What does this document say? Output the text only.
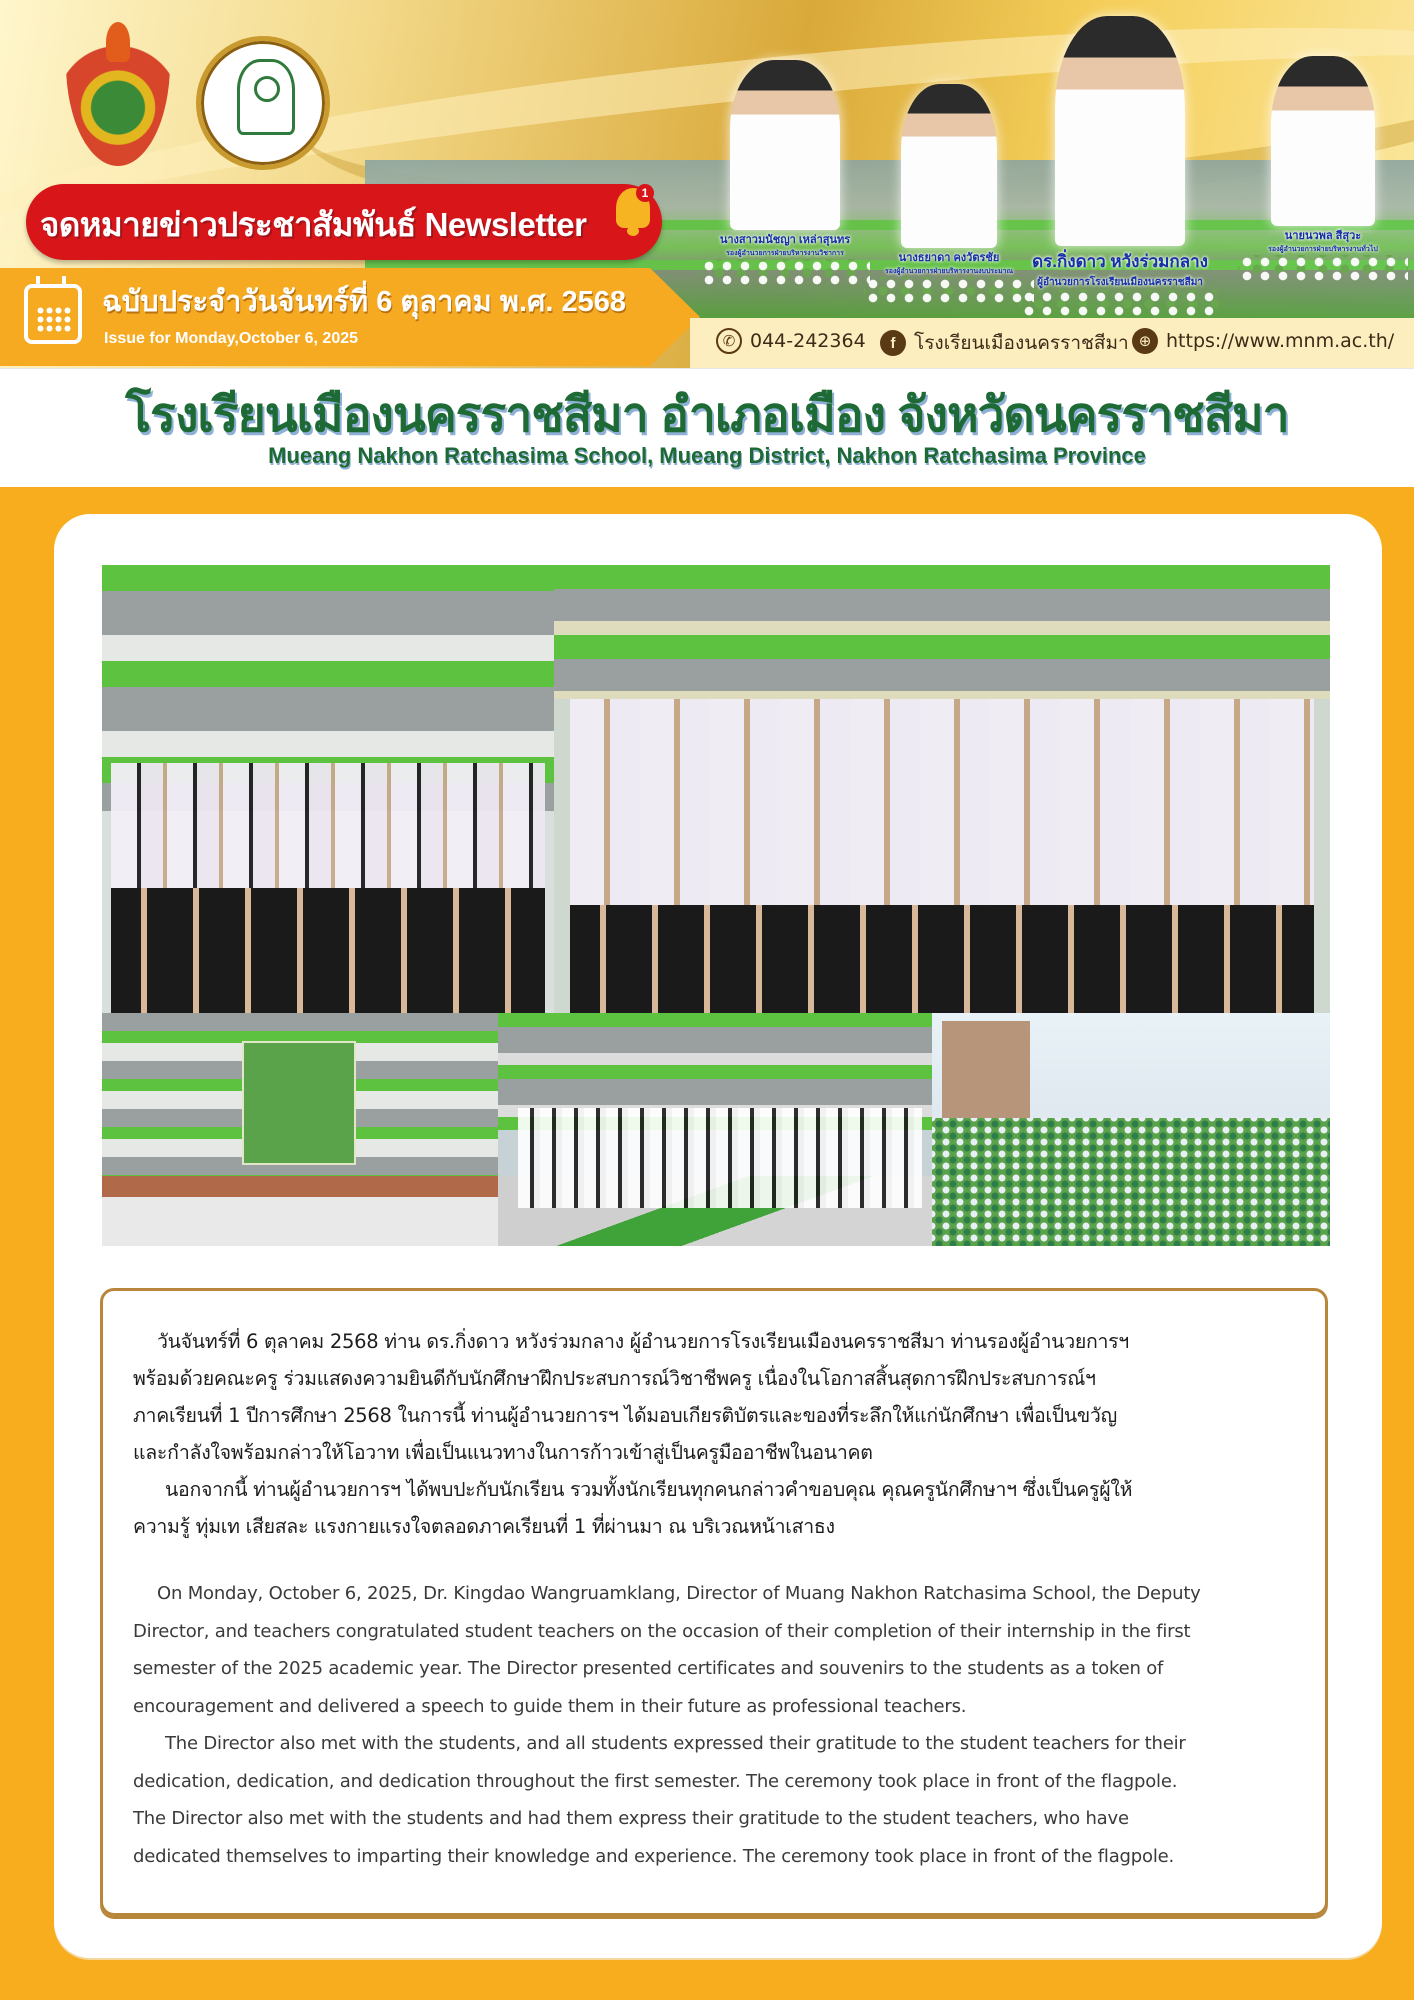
นางสาวมนัชญา เหล่าสุนทร
รองผู้อำนวยการฝ่ายบริหารงานวิชาการ	นางธยาดา คงวัตรชัย
รองผู้อำนวยการฝ่ายบริหารงานงบประมาณ
ดร.กิ่งดาว หวังร่วมกลาง
ผู้อำนวยการโรงเรียนเมืองนครราชสีมา
นายนวพล สีสุวะ
รองผู้อำนวยการฝ่ายบริหารงานทั่วไป
จดหมายข่าวประชาสัมพันธ์ Newsletter
1
ฉบับประจำวันจันทร์ที่ 6 ตุลาคม พ.ศ. 2568
Issue for Monday,October 6, 2025	✆ 044-242364	f โรงเรียนเมืองนครราชสีมา ⊕ https://www.mnm.ac.th/
โรงเรียนเมืองนครราชสีมา อำเภอเมือง จังหวัดนครราชสีมา
Mueang Nakhon Ratchasima School, Mueang District, Nakhon Ratchasima Province
วันจันทร์ที่ 6 ตุลาคม 2568 ท่าน ดร.กิ่งดาว หวังร่วมกลาง ผู้อำนวยการโรงเรียนเมืองนครราชสีมา ท่านรองผู้อำนวยการฯ
พร้อมด้วยคณะครู ร่วมแสดงความยินดีกับนักศึกษาฝึกประสบการณ์วิชาชีพครู เนื่องในโอกาสสิ้นสุดการฝึกประสบการณ์ฯ
ภาคเรียนที่ 1 ปีการศึกษา 2568 ในการนี้ ท่านผู้อำนวยการฯ ได้มอบเกียรติบัตรและของที่ระลึกให้แก่นักศึกษา เพื่อเป็นขวัญ
และกำลังใจพร้อมกล่าวให้โอวาท เพื่อเป็นแนวทางในการก้าวเข้าสู่เป็นครูมืออาชีพในอนาคต
นอกจากนี้ ท่านผู้อำนวยการฯ ได้พบปะกับนักเรียน รวมทั้งนักเรียนทุกคนกล่าวคำขอบคุณ คุณครูนักศึกษาฯ ซึ่งเป็นครูผู้ให้
ความรู้ ทุ่มเท เสียสละ แรงกายแรงใจตลอดภาคเรียนที่ 1 ที่ผ่านมา ณ บริเวณหน้าเสาธง
On Monday, October 6, 2025, Dr. Kingdao Wangruamklang, Director of Muang Nakhon Ratchasima School, the Deputy
Director, and teachers congratulated student teachers on the occasion of their completion of their internship in the first
semester of the 2025 academic year. The Director presented certificates and souvenirs to the students as a token of
encouragement and delivered a speech to guide them in their future as professional teachers.
The Director also met with the students, and all students expressed their gratitude to the student teachers for their
dedication, dedication, and dedication throughout the first semester. The ceremony took place in front of the flagpole.
The Director also met with the students and had them express their gratitude to the student teachers, who have
dedicated themselves to imparting their knowledge and experience. The ceremony took place in front of the flagpole.
